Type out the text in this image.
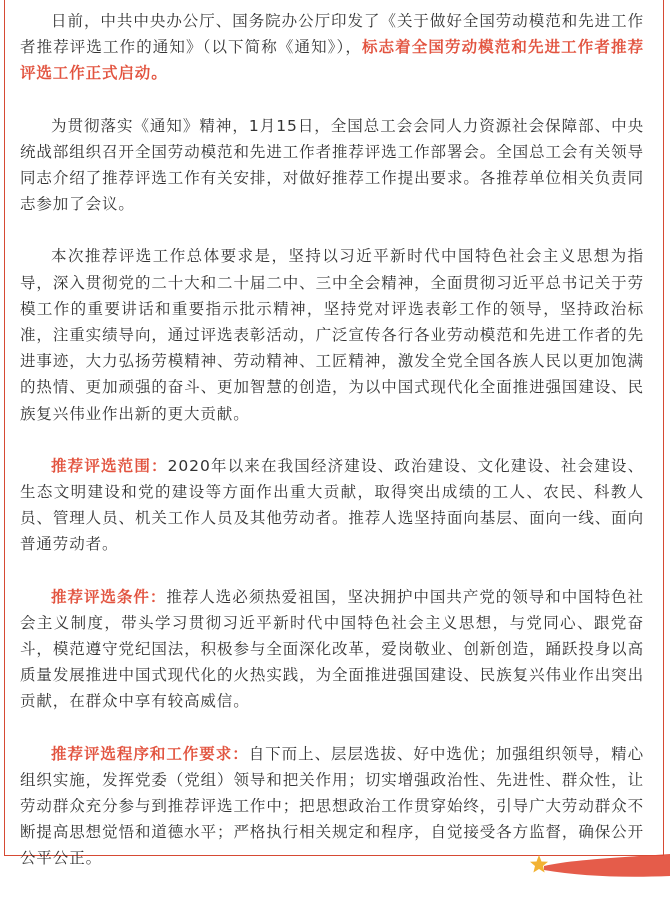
日前，中共中央办公厅、国务院办公厅印发了《关于做好全国劳动模范和先进工作者推荐评选工作的通知》（以下简称《通知》），标志着全国劳动模范和先进工作者推荐评选工作正式启动。

为贯彻落实《通知》精神，1月15日，全国总工会会同人力资源社会保障部、中央统战部组织召开全国劳动模范和先进工作者推荐评选工作部署会。全国总工会有关领导同志介绍了推荐评选工作有关安排，对做好推荐工作提出要求。各推荐单位相关负责同志参加了会议。

本次推荐评选工作总体要求是，坚持以习近平新时代中国特色社会主义思想为指导，深入贯彻党的二十大和二十届二中、三中全会精神，全面贯彻习近平总书记关于劳模工作的重要讲话和重要指示批示精神，坚持党对评选表彰工作的领导，坚持政治标准，注重实绩导向，通过评选表彰活动，广泛宣传各行各业劳动模范和先进工作者的先进事迹，大力弘扬劳模精神、劳动精神、工匠精神，激发全党全国各族人民以更加饱满的热情、更加顽强的奋斗、更加智慧的创造，为以中国式现代化全面推进强国建设、民族复兴伟业作出新的更大贡献。

推荐评选范围：2020年以来在我国经济建设、政治建设、文化建设、社会建设、生态文明建设和党的建设等方面作出重大贡献，取得突出成绩的工人、农民、科教人员、管理人员、机关工作人员及其他劳动者。推荐人选坚持面向基层、面向一线、面向普通劳动者。

推荐评选条件：推荐人选必须热爱祖国，坚决拥护中国共产党的领导和中国特色社会主义制度，带头学习贯彻习近平新时代中国特色社会主义思想，与党同心、跟党奋斗，模范遵守党纪国法，积极参与全面深化改革，爱岗敬业、创新创造，踊跃投身以高质量发展推进中国式现代化的火热实践，为全面推进强国建设、民族复兴伟业作出突出贡献，在群众中享有较高威信。

推荐评选程序和工作要求：自下而上、层层选拔、好中选优；加强组织领导，精心组织实施，发挥党委（党组）领导和把关作用；切实增强政治性、先进性、群众性，让劳动群众充分参与到推荐评选工作中；把思想政治工作贯穿始终，引导广大劳动群众不断提高思想觉悟和道德水平；严格执行相关规定和程序，自觉接受各方监督，确保公开公平公正。
